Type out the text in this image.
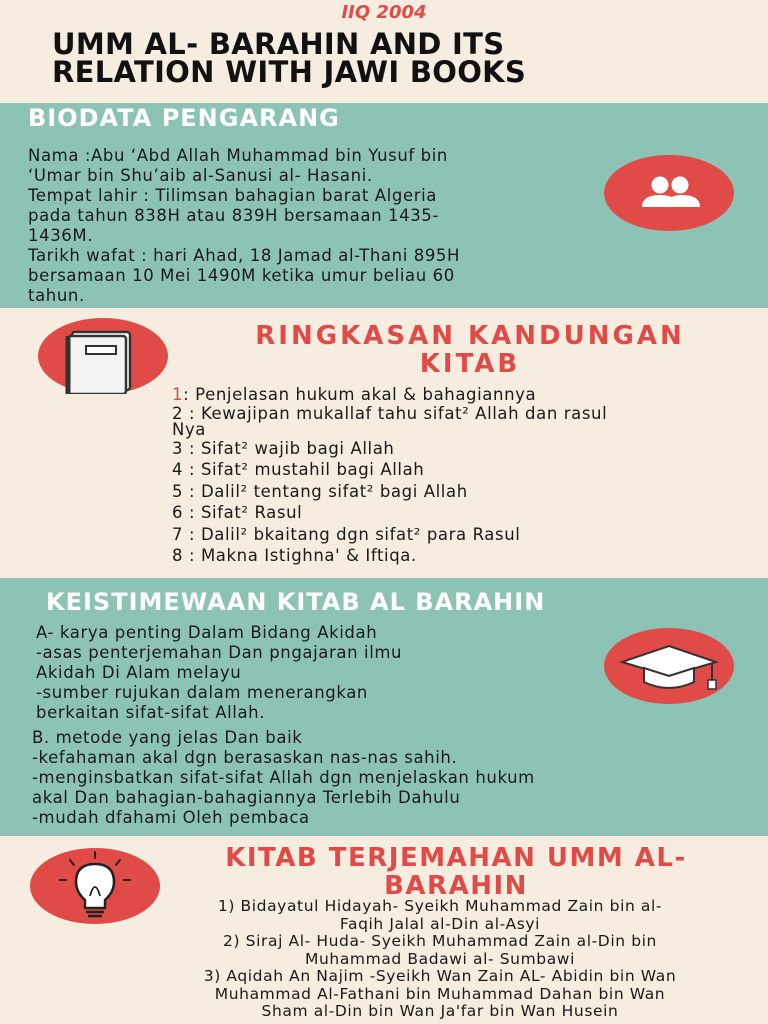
IIQ 2004
UMM AL- BARAHIN AND ITS
RELATION WITH JAWI BOOKS
BIODATA PENGARANG
Nama :Abu ‘Abd Allah Muhammad bin Yusuf bin
‘Umar bin Shu’aib al-Sanusi al- Hasani.
Tempat lahir : Tilimsan bahagian barat Algeria
pada tahun 838H atau 839H bersamaan 1435-
1436M.
Tarikh wafat : hari Ahad, 18 Jamad al-Thani 895H
bersamaan 10 Mei 1490M ketika umur beliau 60
tahun.
RINGKASAN KANDUNGAN
KITAB
1: Penjelasan hukum akal & bahagiannya
2 : Kewajipan mukallaf tahu sifat² Allah dan rasul
Nya
3 : Sifat² wajib bagi Allah
4 : Sifat² mustahil bagi Allah
5 : Dalil² tentang sifat² bagi Allah
6 : Sifat² Rasul
7 : Dalil² bkaitang dgn sifat² para Rasul
8 : Makna Istighna' & Iftiqa.
KEISTIMEWAAN KITAB AL BARAHIN
A- karya penting Dalam Bidang Akidah
-asas penterjemahan Dan pngajaran ilmu
Akidah Di Alam melayu
-sumber rujukan dalam menerangkan
berkaitan sifat-sifat Allah.
B. metode yang jelas Dan baik
-kefahaman akal dgn berasaskan nas-nas sahih.
-menginsbatkan sifat-sifat Allah dgn menjelaskan hukum
akal Dan bahagian-bahagiannya Terlebih Dahulu
-mudah dfahami Oleh pembaca
KITAB TERJEMAHAN UMM AL-
BARAHIN
1) Bidayatul Hidayah- Syeikh Muhammad Zain bin al-
Faqih Jalal al-Din al-Asyi
2) Siraj Al- Huda- Syeikh Muhammad Zain al-Din bin
Muhammad Badawi al- Sumbawi
3) Aqidah An Najim -Syeikh Wan Zain AL- Abidin bin Wan
Muhammad Al-Fathani bin Muhammad Dahan bin Wan
Sham al-Din bin Wan Ja'far bin Wan Husein
